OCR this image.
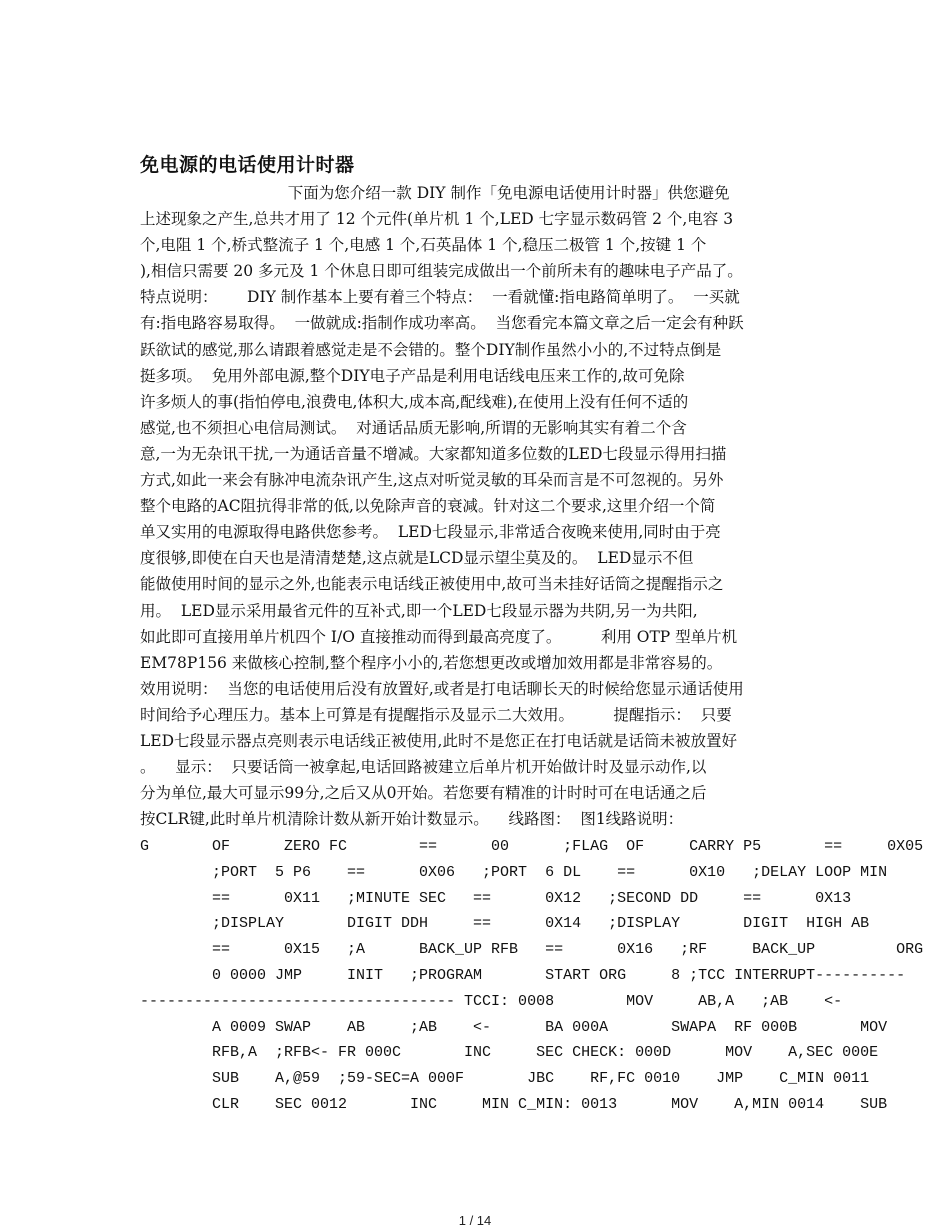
免电源的电话使用计时器
下面为您介绍一款 DIY 制作「免电源电话使用计时器」供您避免
上述现象之产生,总共才用了 12 个元件(单片机 1 个,LED 七字显示数码管 2 个,电容 3
个,电阻 1 个,桥式整流子 1 个,电感 1 个,石英晶体 1 个,稳压二极管 1 个,按键 1 个
),相信只需要 20 多元及 1 个休息日即可组装完成做出一个前所未有的趣味电子产品了。
特点说明：      DIY 制作基本上要有着三个特点：  一看就懂:指电路简单明了。  一买就
有:指电路容易取得。  一做就成:指制作成功率高。  当您看完本篇文章之后一定会有种跃
跃欲试的感觉,那么请跟着感觉走是不会错的。整个DIY制作虽然小小的,不过特点倒是
挺多项。  免用外部电源,整个DIY电子产品是利用电话线电压来工作的,故可免除
许多烦人的事(指怕停电,浪费电,体积大,成本高,配线难),在使用上没有任何不适的
感觉,也不须担心电信局测试。  对通话品质无影响,所谓的无影响其实有着二个含
意,一为无杂讯干扰,一为通话音量不增减。大家都知道多位数的LED七段显示得用扫描
方式,如此一来会有脉冲电流杂讯产生,这点对听觉灵敏的耳朵而言是不可忽视的。另外
整个电路的AC阻抗得非常的低,以免除声音的衰减。针对这二个要求,这里介绍一个简
单又实用的电源取得电路供您参考。  LED七段显示,非常适合夜晚来使用,同时由于亮
度很够,即使在白天也是清清楚楚,这点就是LCD显示望尘莫及的。  LED显示不但
能做使用时间的显示之外,也能表示电话线正被使用中,故可当未挂好话筒之提醒指示之
用。  LED显示采用最省元件的互补式,即一个LED七段显示器为共阴,另一为共阳,
如此即可直接用单片机四个 I/O 直接推动而得到最高亮度了。        利用 OTP 型单片机
EM78P156 来做核心控制,整个程序小小的,若您想更改或增加效用都是非常容易的。
效用说明：  当您的电话使用后没有放置好,或者是打电话聊长天的时候给您显示通话使用
时间给予心理压力。基本上可算是有提醒指示及显示二大效用。        提醒指示：  只要
LED七段显示器点亮则表示电话线正被使用,此时不是您正在打电话就是话筒未被放置好
。    显示：  只要话筒一被拿起,电话回路被建立后单片机开始做计时及显示动作,以
分为单位,最大可显示99分,之后又从0开始。若您要有精准的计时时可在电话通之后
按CLR键,此时单片机清除计数从新开始计数显示。    线路图：  图1线路说明：
G       OF      ZERO FC        ==      00      ;FLAG  OF     CARRY P5       ==     0X05
;PORT  5 P6    ==      0X06   ;PORT  6 DL    ==      0X10   ;DELAY LOOP MIN
==      0X11   ;MINUTE SEC   ==      0X12   ;SECOND DD     ==      0X13
;DISPLAY       DIGIT DDH     ==      0X14   ;DISPLAY       DIGIT  HIGH AB
==      0X15   ;A      BACK_UP RFB   ==      0X16   ;RF     BACK_UP         ORG
0 0000 JMP     INIT   ;PROGRAM       START ORG     8 ;TCC INTERRUPT----------
----------------------------------- TCCI: 0008        MOV     AB,A   ;AB    <-
A 0009 SWAP    AB     ;AB    <-      BA 000A       SWAPA  RF 000B       MOV
RFB,A  ;RFB<- FR 000C       INC     SEC CHECK: 000D      MOV    A,SEC 000E
SUB    A,@59  ;59-SEC=A 000F       JBC    RF,FC 0010    JMP    C_MIN 0011
CLR    SEC 0012       INC     MIN C_MIN: 0013      MOV    A,MIN 0014    SUB
1 / 14
